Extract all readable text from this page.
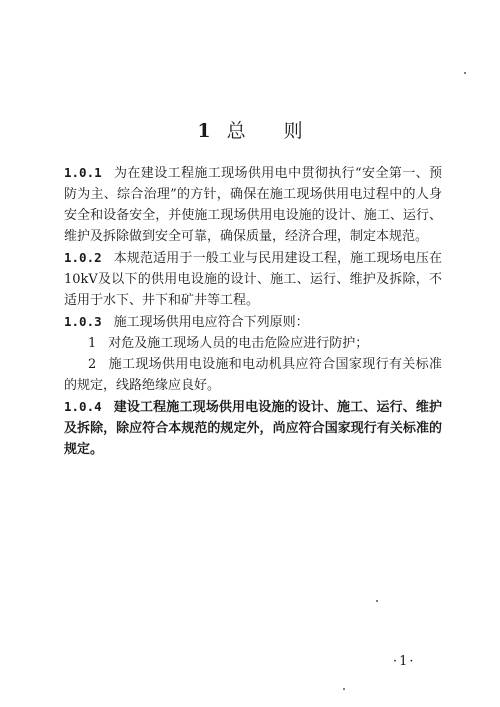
1 总 则

1.0.1 为在建设工程施工现场供用电中贯彻执行“安全第一、预防为主、综合治理”的方针，确保在施工现场供用电过程中的人身安全和设备安全，并使施工现场供用电设施的设计、施工、运行、维护及拆除做到安全可靠，确保质量，经济合理，制定本规范。

1.0.2 本规范适用于一般工业与民用建设工程，施工现场电压在10kV及以下的供用电设施的设计、施工、运行、维护及拆除，不适用于水下、井下和矿井等工程。

1.0.3 施工现场供用电应符合下列原则：

1 对危及施工现场人员的电击危险应进行防护；

2 施工现场供用电设施和电动机具应符合国家现行有关标准的规定，线路绝缘应良好。

1.0.4 建设工程施工现场供用电设施的设计、施工、运行、维护及拆除，除应符合本规范的规定外，尚应符合国家现行有关标准的规定。

·1·
